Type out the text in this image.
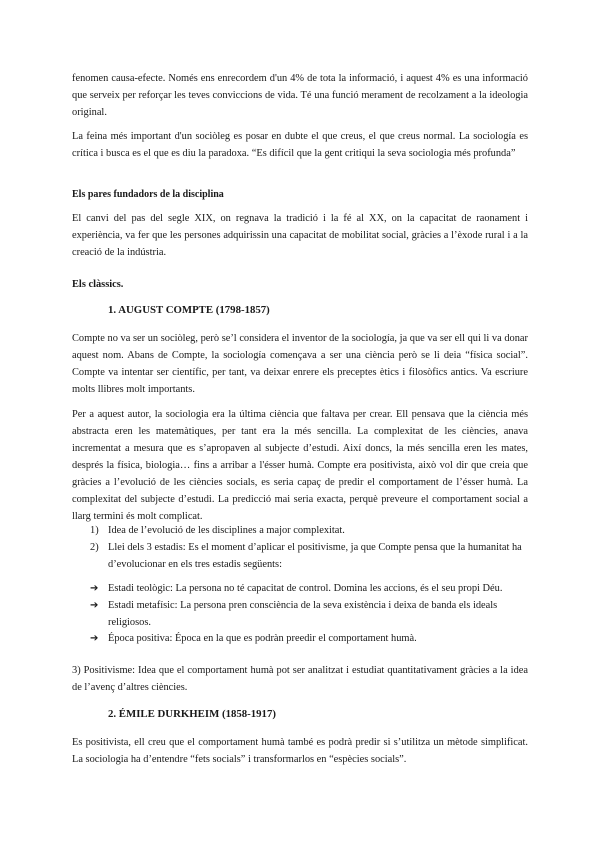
fenomen causa-efecte. Només ens enrecordem d'un 4% de tota la informació, i aquest 4% es una informació que serveix per reforçar les teves conviccions de vida. Té una funció merament de recolzament a la ideologia original.

La feina més important d'un sociòleg es posar en dubte el que creus, el que creus normal. La sociología es crítica i busca es el que es diu la paradoxa. “Es difícil que la gent critiqui la seva sociologia més profunda”

Els pares fundadors de la disciplina

El canvi del pas del segle XIX, on regnava la tradició i la fé al XX, on la capacitat de raonament i experiència, va fer que les persones adquirissin una capacitat de mobilitat social, gràcies a l’èxode rural i a la creació de la indústria.

Els clàssics.
1. AUGUST COMPTE (1798-1857)

Compte no va ser un sociòleg, però se’l considera el inventor de la sociología, ja que va ser ell qui li va donar aquest nom. Abans de Compte, la sociología començava a ser una ciència però se li deia “física social”. Compte va intentar ser científic, per tant, va deixar enrere els preceptes ètics i filosòfics antics. Va escriure molts llibres molt importants.

Per a aquest autor, la sociologia era la última ciència que faltava per crear. Ell pensava que la ciència més abstracta eren les matemàtiques, per tant era la més sencilla. La complexitat de les ciències, anava incrementat a mesura que es s’apropaven al subjecte d’estudi. Així doncs, la més sencilla eren les mates, després la física, biologia… fins a arribar a l'ésser humà. Compte era positivista, això vol dir que creia que gràcies a l’evolució de les ciències socials, es seria capaç de predir el comportament de l’ésser humà. La complexitat del subjecte d’estudi. La predicció mai seria exacta, perquè preveure el comportament social a llarg termini és molt complicat.

1) Idea de l’evolució de les disciplines a major complexitat.
2) Llei dels 3 estadis: Es el moment d’aplicar el positivisme, ja que Compte pensa que la humanitat ha d’evolucionar en els tres estadis següents:
➔ Estadi teològic: La persona no té capacitat de control. Domina les accions, és el seu propi Déu.
➔ Estadi metafísic: La persona pren consciència de la seva existència i deixa de banda els ideals religiosos.
➔ Época positiva: Época en la que es podràn preedir el comportament humà.

3) Positivisme: Idea que el comportament humà pot ser analitzat i estudiat quantitativament gràcies a la idea de l’avenç d’altres ciències.

2. ÉMILE DURKHEIM (1858-1917)

Es positivista, ell creu que el comportament humà també es podrà predir si s’utilitza un mètode simplificat. La sociologia ha d’entendre “fets socials” i transformarlos en “espècies socials”.
